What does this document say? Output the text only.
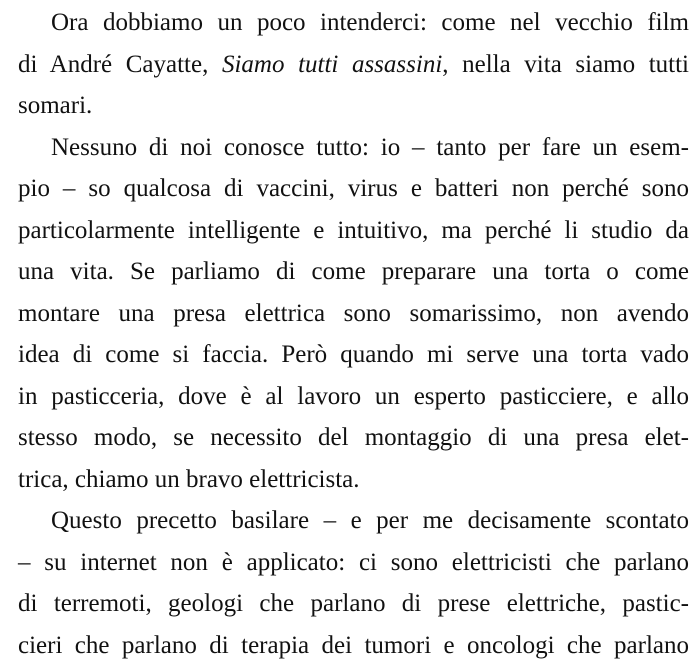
Ora dobbiamo un poco intenderci: come nel vecchio film
di André Cayatte, Siamo tutti assassini, nella vita siamo tutti
somari.
Nessuno di noi conosce tutto: io – tanto per fare un esem-
pio – so qualcosa di vaccini, virus e batteri non perché sono
particolarmente intelligente e intuitivo, ma perché li studio da
una vita. Se parliamo di come preparare una torta o come
montare una presa elettrica sono somarissimo, non avendo
idea di come si faccia. Però quando mi serve una torta vado
in pasticceria, dove è al lavoro un esperto pasticciere, e allo
stesso modo, se necessito del montaggio di una presa elet-
trica, chiamo un bravo elettricista.
Questo precetto basilare – e per me decisamente scontato
– su internet non è applicato: ci sono elettricisti che parlano
di terremoti, geologi che parlano di prese elettriche, pastic-
cieri che parlano di terapia dei tumori e oncologi che parlano
